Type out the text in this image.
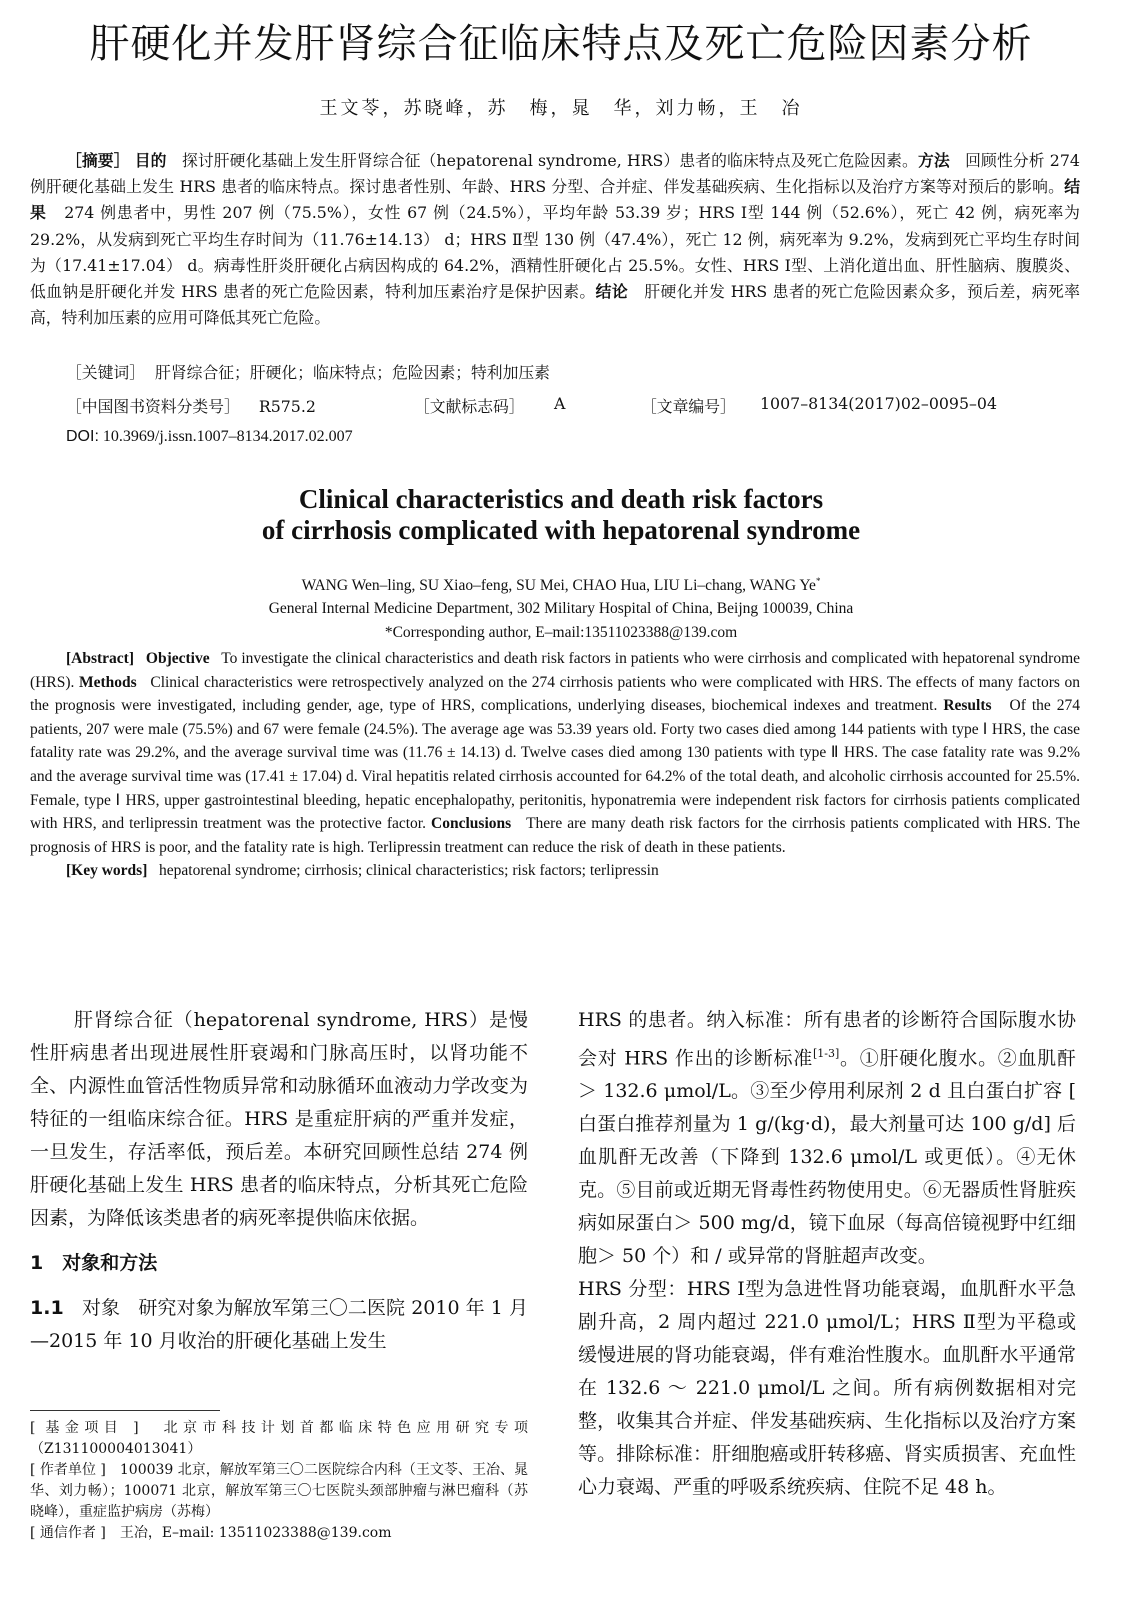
肝硬化并发肝肾综合征临床特点及死亡危险因素分析
王文苓，苏晓峰，苏　梅，晁　华，刘力畅，王　冶
［摘要］ 目的 探讨肝硬化基础上发生肝肾综合征（hepatorenal syndrome, HRS）患者的临床特点及死亡危险因素。方法 回顾性分析 274 例肝硬化基础上发生 HRS 患者的临床特点。探讨患者性别、年龄、HRS 分型、合并症、伴发基础疾病、生化指标以及治疗方案等对预后的影响。结果 274 例患者中，男性 207 例（75.5%），女性 67 例（24.5%），平均年龄 53.39 岁；HRS Ⅰ型 144 例（52.6%），死亡 42 例，病死率为 29.2%，从发病到死亡平均生存时间为（11.76±14.13） d；HRS Ⅱ型 130 例（47.4%），死亡 12 例，病死率为 9.2%，发病到死亡平均生存时间为（17.41±17.04） d。病毒性肝炎肝硬化占病因构成的 64.2%，酒精性肝硬化占 25.5%。女性、HRS Ⅰ型、上消化道出血、肝性脑病、腹膜炎、低血钠是肝硬化并发 HRS 患者的死亡危险因素，特利加压素治疗是保护因素。结论 肝硬化并发 HRS 患者的死亡危险因素众多，预后差，病死率高，特利加压素的应用可降低其死亡危险。
［关键词］ 肝肾综合征；肝硬化；临床特点；危险因素；特利加压素
［中国图书资料分类号］ R575.2	［文献标志码］ A	［文章编号］ 1007–8134(2017)02–0095–04
DOI: 10.3969/j.issn.1007–8134.2017.02.007
Clinical characteristics and death risk factors
of cirrhosis complicated with hepatorenal syndrome
WANG Wen–ling, SU Xiao–feng, SU Mei, CHAO Hua, LIU Li–chang, WANG Ye*
General Internal Medicine Department, 302 Military Hospital of China, Beijng 100039, China
*Corresponding author, E–mail:13511023388@139.com
[Abstract] Objective To investigate the clinical characteristics and death risk factors in patients who were cirrhosis and complicated with hepatorenal syndrome (HRS). Methods Clinical characteristics were retrospectively analyzed on the 274 cirrhosis patients who were complicated with HRS. The effects of many factors on the prognosis were investigated, including gender, age, type of HRS, complications, underlying diseases, biochemical indexes and treatment. Results Of the 274 patients, 207 were male (75.5%) and 67 were female (24.5%). The average age was 53.39 years old. Forty two cases died among 144 patients with type Ⅰ HRS, the case fatality rate was 29.2%, and the average survival time was (11.76 ± 14.13) d. Twelve cases died among 130 patients with type Ⅱ HRS. The case fatality rate was 9.2% and the average survival time was (17.41 ± 17.04) d. Viral hepatitis related cirrhosis accounted for 64.2% of the total death, and alcoholic cirrhosis accounted for 25.5%. Female, type Ⅰ HRS, upper gastrointestinal bleeding, hepatic encephalopathy, peritonitis, hyponatremia were independent risk factors for cirrhosis patients complicated with HRS, and terlipressin treatment was the protective factor. Conclusions There are many death risk factors for the cirrhosis patients complicated with HRS. The prognosis of HRS is poor, and the fatality rate is high. Terlipressin treatment can reduce the risk of death in these patients.
[Key words] hepatorenal syndrome; cirrhosis; clinical characteristics; risk factors; terlipressin
肝肾综合征（hepatorenal syndrome, HRS）是慢性肝病患者出现进展性肝衰竭和门脉高压时，以肾功能不全、内源性血管活性物质异常和动脉循环血液动力学改变为特征的一组临床综合征。HRS 是重症肝病的严重并发症，一旦发生，存活率低，预后差。本研究回顾性总结 274 例肝硬化基础上发生 HRS 患者的临床特点，分析其死亡危险因素，为降低该类患者的病死率提供临床依据。
1　对象和方法
1.1 对象 研究对象为解放军第三〇二医院 2010 年 1 月 —2015 年 10 月收治的肝硬化基础上发生
HRS 的患者。纳入标准：所有患者的诊断符合国际腹水协会对 HRS 作出的诊断标准[1-3]。①肝硬化腹水。②血肌酐＞ 132.6 μmol/L。③至少停用利尿剂 2 d 且白蛋白扩容 [ 白蛋白推荐剂量为 1 g/(kg·d)，最大剂量可达 100 g/d] 后血肌酐无改善（下降到 132.6 μmol/L 或更低）。④无休克。⑤目前或近期无肾毒性药物使用史。⑥无器质性肾脏疾病如尿蛋白＞ 500 mg/d，镜下血尿（每高倍镜视野中红细胞＞ 50 个）和 / 或异常的肾脏超声改变。
HRS 分型：HRS Ⅰ型为急进性肾功能衰竭，血肌酐水平急剧升高，2 周内超过 221.0 μmol/L；HRS Ⅱ型为平稳或缓慢进展的肾功能衰竭，伴有难治性腹水。血肌酐水平通常在 132.6 ～ 221.0 μmol/L 之间。所有病例数据相对完整，收集其合并症、伴发基础疾病、生化指标以及治疗方案等。排除标准：肝细胞癌或肝转移癌、肾实质损害、充血性心力衰竭、严重的呼吸系统疾病、住院不足 48 h。
[ 基金项目 ]　北京市科技计划首都临床特色应用研究专项（Z131100004013041）
[ 作者单位 ]　100039 北京，解放军第三〇二医院综合内科（王文苓、王冶、晁华、刘力畅）；100071 北京，解放军第三〇七医院头颈部肿瘤与淋巴瘤科（苏晓峰），重症监护病房（苏梅）
[ 通信作者 ]　王冶，E–mail: 13511023388@139.com
